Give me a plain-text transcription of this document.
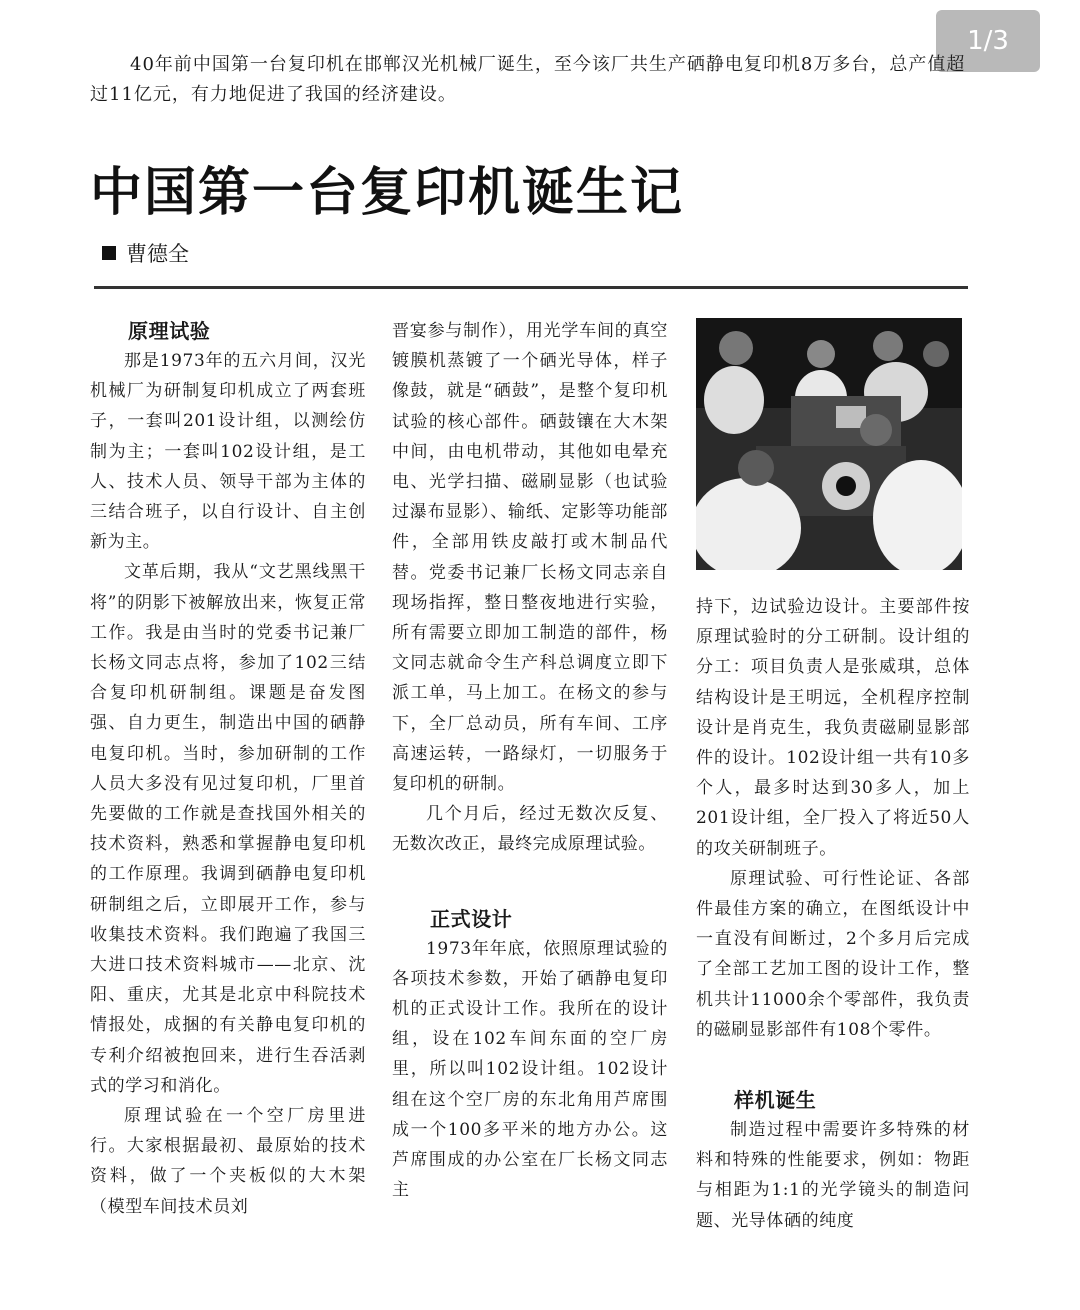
1/3
40年前中国第一台复印机在邯郸汉光机械厂诞生，至今该厂共生产硒静电复印机8万多台，总产值超过11亿元，有力地促进了我国的经济建设。
中国第一台复印机诞生记
曹德全
原理试验

那是1973年的五六月间，汉光机械厂为研制复印机成立了两套班子，一套叫201设计组，以测绘仿制为主；一套叫102设计组，是工人、技术人员、领导干部为主体的三结合班子，以自行设计、自主创新为主。

文革后期，我从“文艺黑线黑干将”的阴影下被解放出来，恢复正常工作。我是由当时的党委书记兼厂长杨文同志点将，参加了102三结合复印机研制组。课题是奋发图强、自力更生，制造出中国的硒静电复印机。当时，参加研制的工作人员大多没有见过复印机，厂里首先要做的工作就是查找国外相关的技术资料，熟悉和掌握静电复印机的工作原理。我调到硒静电复印机研制组之后，立即展开工作，参与收集技术资料。我们跑遍了我国三大进口技术资料城市——北京、沈阳、重庆，尤其是北京中科院技术情报处，成捆的有关静电复印机的专利介绍被抱回来，进行生吞活剥式的学习和消化。

原理试验在一个空厂房里进行。大家根据最初、最原始的技术资料，做了一个夹板似的大木架（模型车间技术员刘

晋宴参与制作），用光学车间的真空镀膜机蒸镀了一个硒光导体，样子像鼓，就是“硒鼓”，是整个复印机试验的核心部件。硒鼓镶在大木架中间，由电机带动，其他如电晕充电、光学扫描、磁刷显影（也试验过瀑布显影）、输纸、定影等功能部件，全部用铁皮敲打或木制品代替。党委书记兼厂长杨文同志亲自现场指挥，整日整夜地进行实验，所有需要立即加工制造的部件，杨文同志就命令生产科总调度立即下派工单，马上加工。在杨文的参与下，全厂总动员，所有车间、工序高速运转，一路绿灯，一切服务于复印机的研制。

几个月后，经过无数次反复、无数次改正，最终完成原理试验。

正式设计

1973年年底，依照原理试验的各项技术参数，开始了硒静电复印机的正式设计工作。我所在的设计组，设在102车间东面的空厂房里，所以叫102设计组。102设计组在这个空厂房的东北角用芦席围成一个100多平米的地方办公。这芦席围成的办公室在厂长杨文同志主

持下，边试验边设计。主要部件按原理试验时的分工研制。设计组的分工：项目负责人是张威琪，总体结构设计是王明远，全机程序控制设计是肖克生，我负责磁刷显影部件的设计。102设计组一共有10多个人，最多时达到30多人，加上201设计组，全厂投入了将近50人的攻关研制班子。

原理试验、可行性论证、各部件最佳方案的确立，在图纸设计中一直没有间断过，2个多月后完成了全部工艺加工图的设计工作，整机共计11000余个零部件，我负责的磁刷显影部件有108个零件。

样机诞生

制造过程中需要许多特殊的材料和特殊的性能要求，例如：物距与相距为1:1的光学镜头的制造问题、光导体硒的纯度
